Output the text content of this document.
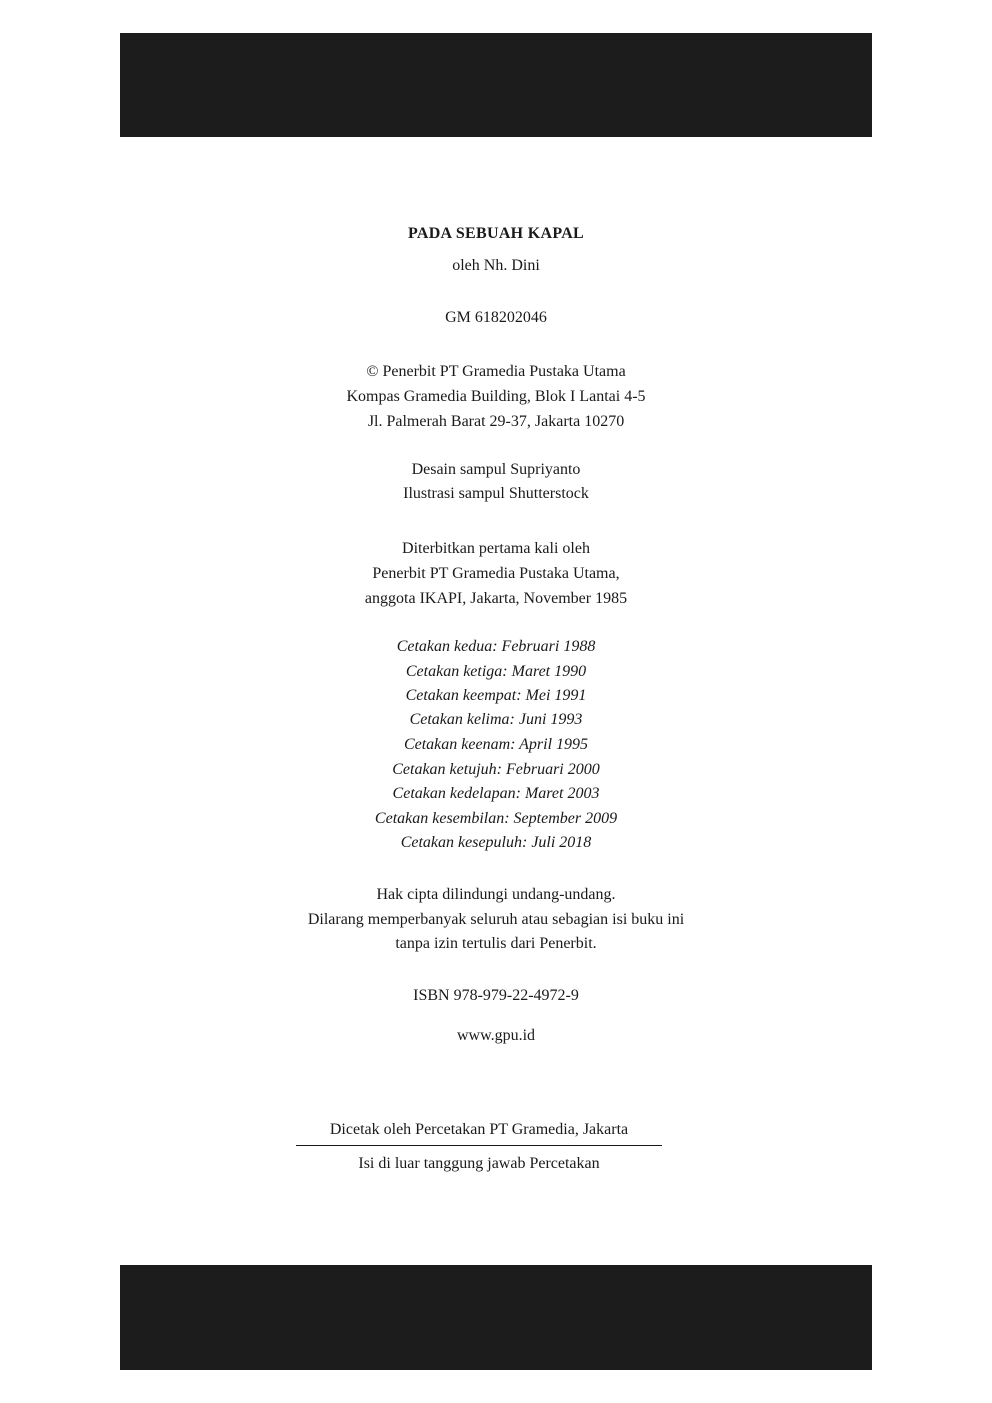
PADA SEBUAH KAPAL
oleh Nh. Dini
GM 618202046
© Penerbit PT Gramedia Pustaka Utama
Kompas Gramedia Building, Blok I Lantai 4-5
Jl. Palmerah Barat 29-37, Jakarta 10270
Desain sampul Supriyanto
Ilustrasi sampul Shutterstock
Diterbitkan pertama kali oleh
Penerbit PT Gramedia Pustaka Utama,
anggota IKAPI, Jakarta, November 1985
Cetakan kedua: Februari 1988
Cetakan ketiga: Maret 1990
Cetakan keempat: Mei 1991
Cetakan kelima: Juni 1993
Cetakan keenam: April 1995
Cetakan ketujuh: Februari 2000
Cetakan kedelapan: Maret 2003
Cetakan kesembilan: September 2009
Cetakan kesepuluh: Juli 2018
Hak cipta dilindungi undang-undang.
Dilarang memperbanyak seluruh atau sebagian isi buku ini
tanpa izin tertulis dari Penerbit.
ISBN 978-979-22-4972-9
www.gpu.id
Dicetak oleh Percetakan PT Gramedia, Jakarta
Isi di luar tanggung jawab Percetakan
